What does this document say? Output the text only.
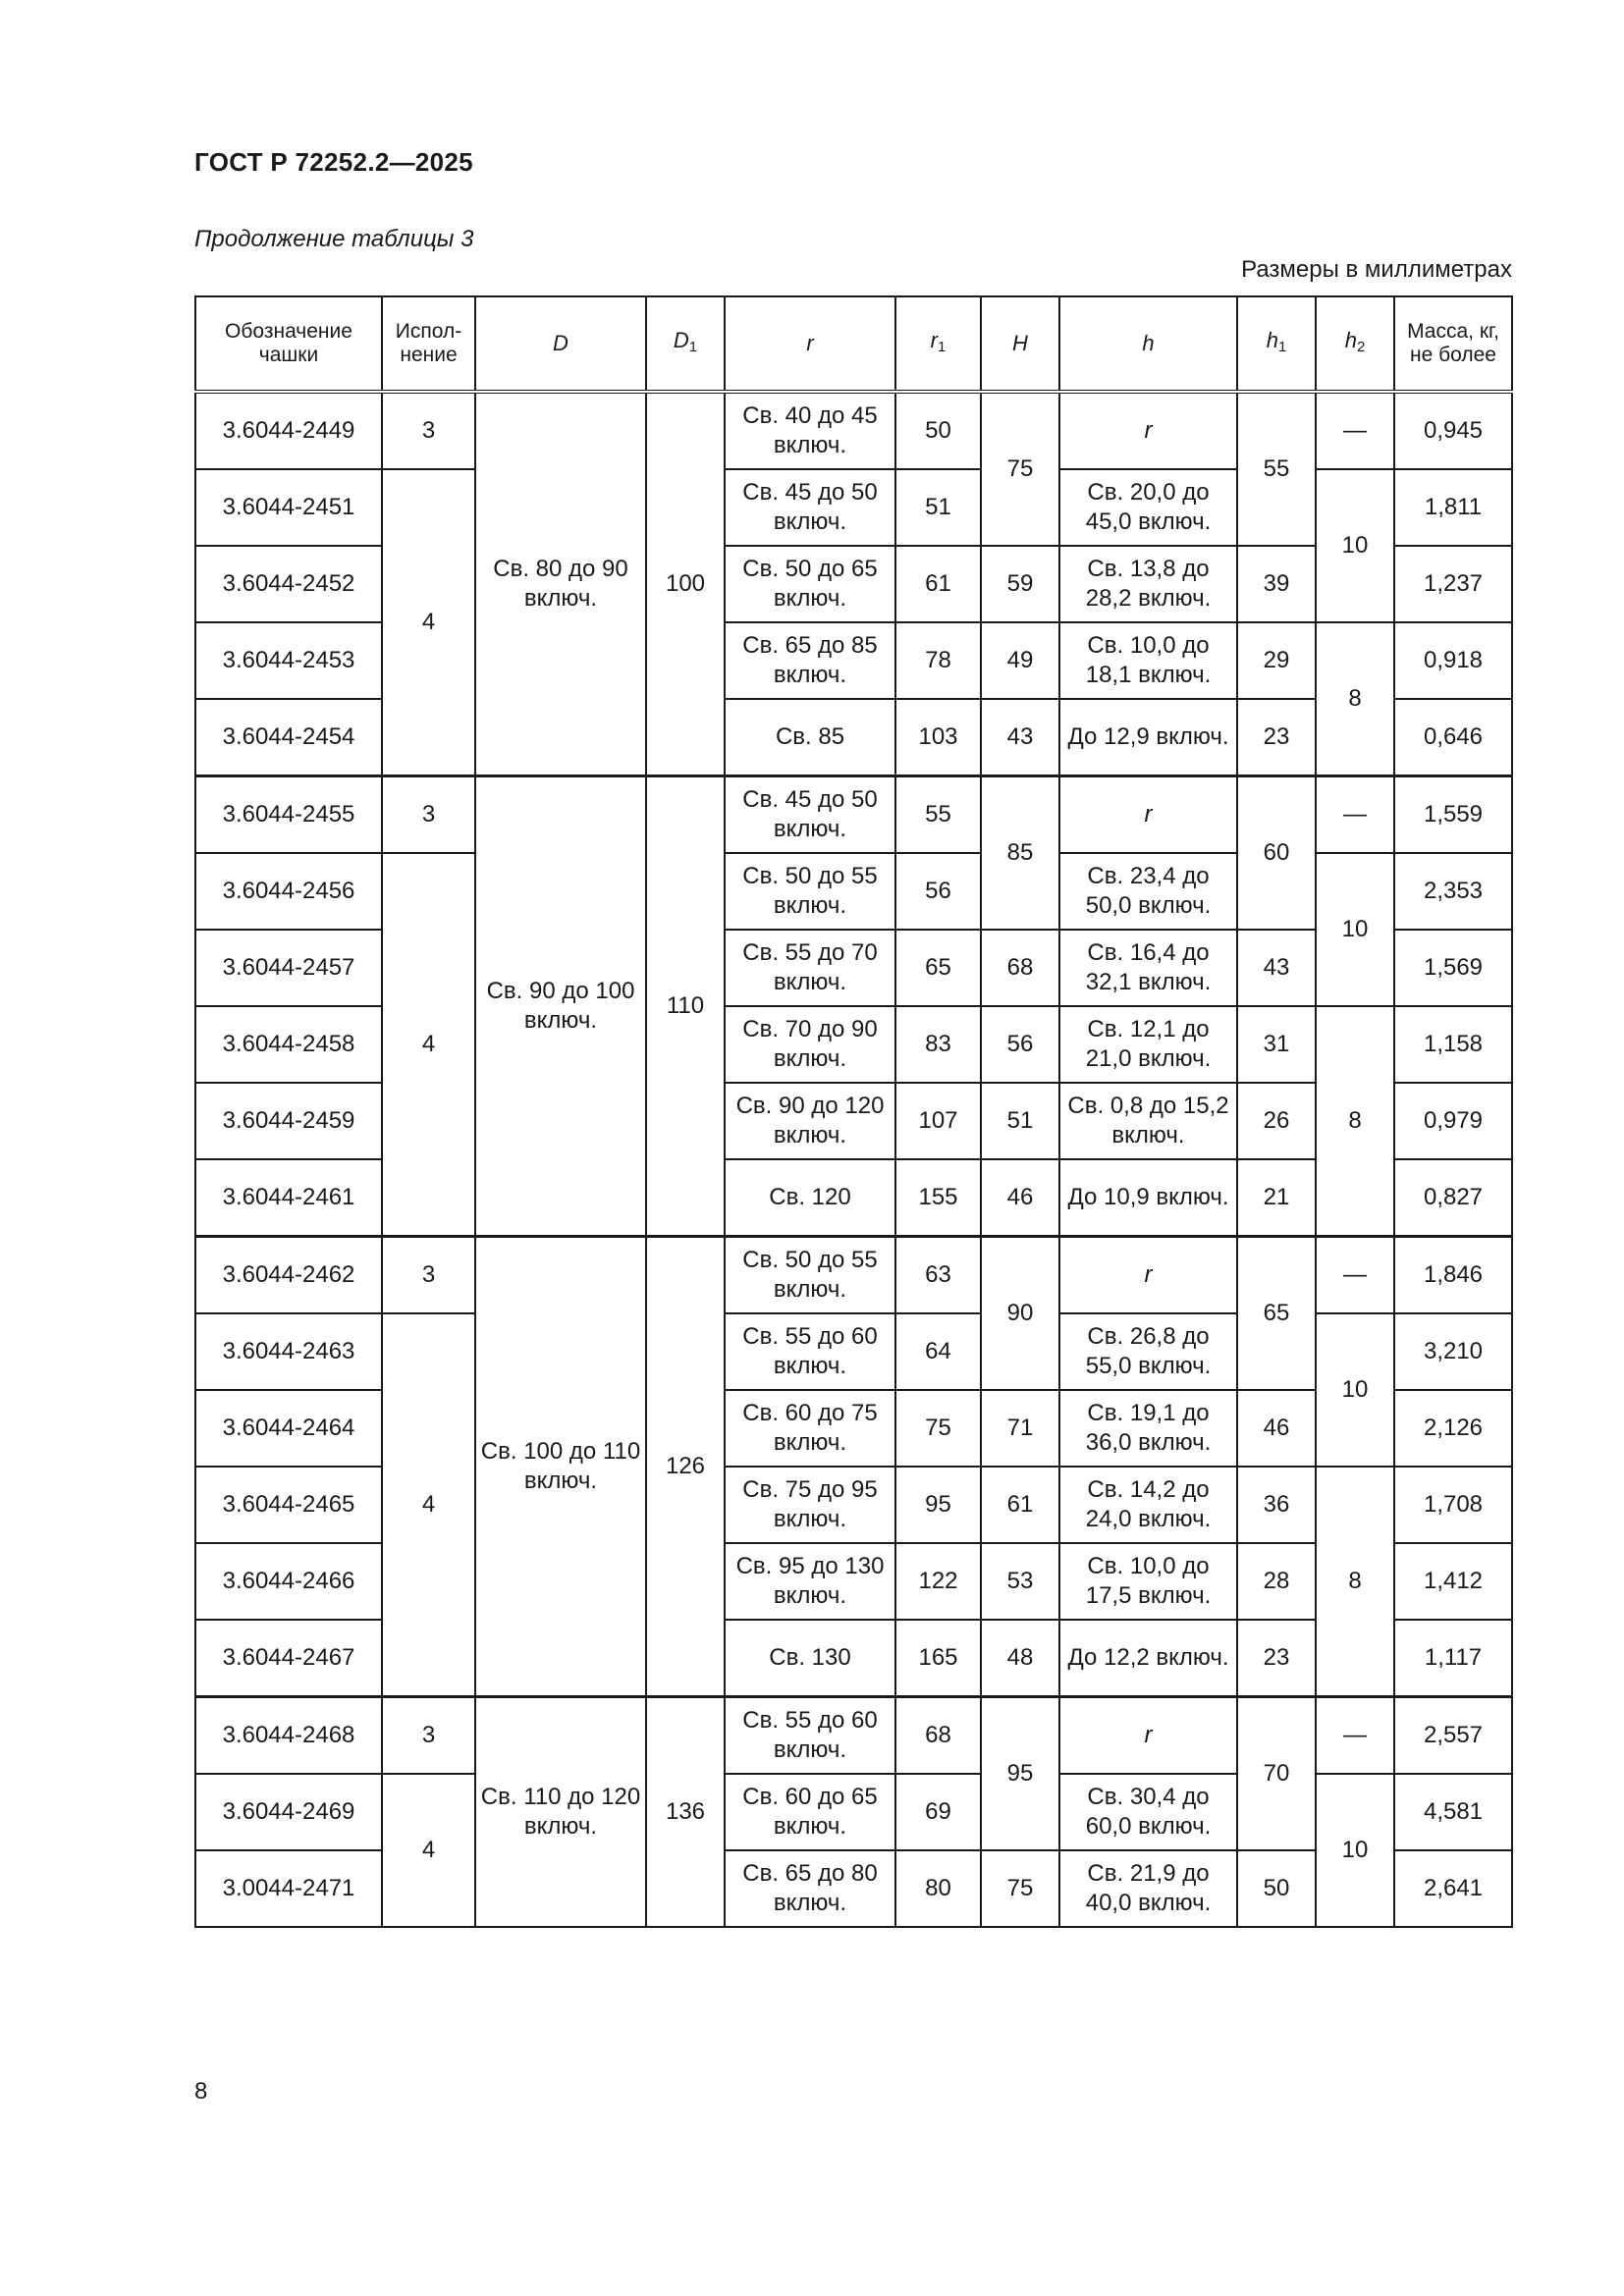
ГОСТ Р 72252.2—2025
Продолжение таблицы 3
Размеры в миллиметрах
Обозначение чашки	Испол-нение	D	$D_1$	r	$r_1$	H	h	$h_1$	$h_2$	Масса, кг, не более
3.6044-2449	3	Св. 80 до 90 включ.	100	Св. 40 до 45 включ.	50	75	r	55	—	0,945
3.6044-2451	4			Св. 45 до 50 включ.	51		Св. 20,0 до 45,0 включ.		10	1,811
3.6044-2452				Св. 50 до 65 включ.	61	59	Св. 13,8 до 28,2 включ.	39		1,237
3.6044-2453				Св. 65 до 85 включ.	78	49	Св. 10,0 до 18,1 включ.	29	8	0,918
3.6044-2454				Св. 85	103	43	До 12,9 включ.	23		0,646
3.6044-2455	3	Св. 90 до 100 включ.	110	Св. 45 до 50 включ.	55	85	r	60	—	1,559
3.6044-2456	4			Св. 50 до 55 включ.	56		Св. 23,4 до 50,0 включ.		10	2,353
3.6044-2457				Св. 55 до 70 включ.	65	68	Св. 16,4 до 32,1 включ.	43		1,569
3.6044-2458				Св. 70 до 90 включ.	83	56	Св. 12,1 до 21,0 включ.	31	8	1,158
3.6044-2459				Св. 90 до 120 включ.	107	51	Св. 0,8 до 15,2 включ.	26		0,979
3.6044-2461				Св. 120	155	46	До 10,9 включ.	21		0,827
3.6044-2462	3	Св. 100 до 110 включ.	126	Св. 50 до 55 включ.	63	90	r	65	—	1,846
3.6044-2463	4			Св. 55 до 60 включ.	64		Св. 26,8 до 55,0 включ.		10	3,210
3.6044-2464				Св. 60 до 75 включ.	75	71	Св. 19,1 до 36,0 включ.	46		2,126
3.6044-2465				Св. 75 до 95 включ.	95	61	Св. 14,2 до 24,0 включ.	36	8	1,708
3.6044-2466				Св. 95 до 130 включ.	122	53	Св. 10,0 до 17,5 включ.	28		1,412
3.6044-2467				Св. 130	165	48	До 12,2 включ.	23		1,117
3.6044-2468	3	Св. 110 до 120 включ.	136	Св. 55 до 60 включ.	68	95	r	70	—	2,557
3.6044-2469	4			Св. 60 до 65 включ.	69		Св. 30,4 до 60,0 включ.		10	4,581
3.0044-2471				Св. 65 до 80 включ.	80	75	Св. 21,9 до 40,0 включ.	50		2,641
8
